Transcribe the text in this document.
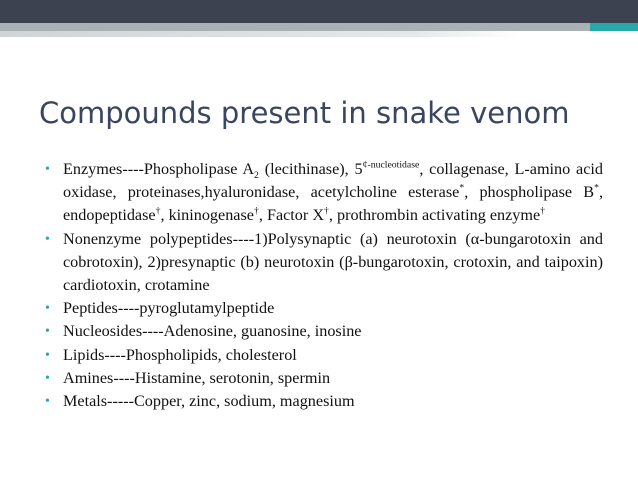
Compounds present in snake venom
• Enzymes----Phospholipase $A_2$ (lecithinase), $5^{¢-nucleotidase}$, collagenase, L-amino acid oxidase, proteinases,hyaluronidase, acetylcholine esterase*, phospholipase B*, endopeptidase†, kininogenase†, Factor X†, prothrombin activating enzyme†
• Nonenzyme polypeptides----1)Polysynaptic (a) neurotoxin (α-bungarotoxin and cobrotoxin), 2)presynaptic (b) neurotoxin (β-bungarotoxin, crotoxin, and taipoxin) cardiotoxin, crotamine
• Peptides----pyroglutamylpeptide
• Nucleosides----Adenosine, guanosine, inosine
• Lipids----Phospholipids, cholesterol
• Amines----Histamine, serotonin, spermin
• Metals-----Copper, zinc, sodium, magnesium
